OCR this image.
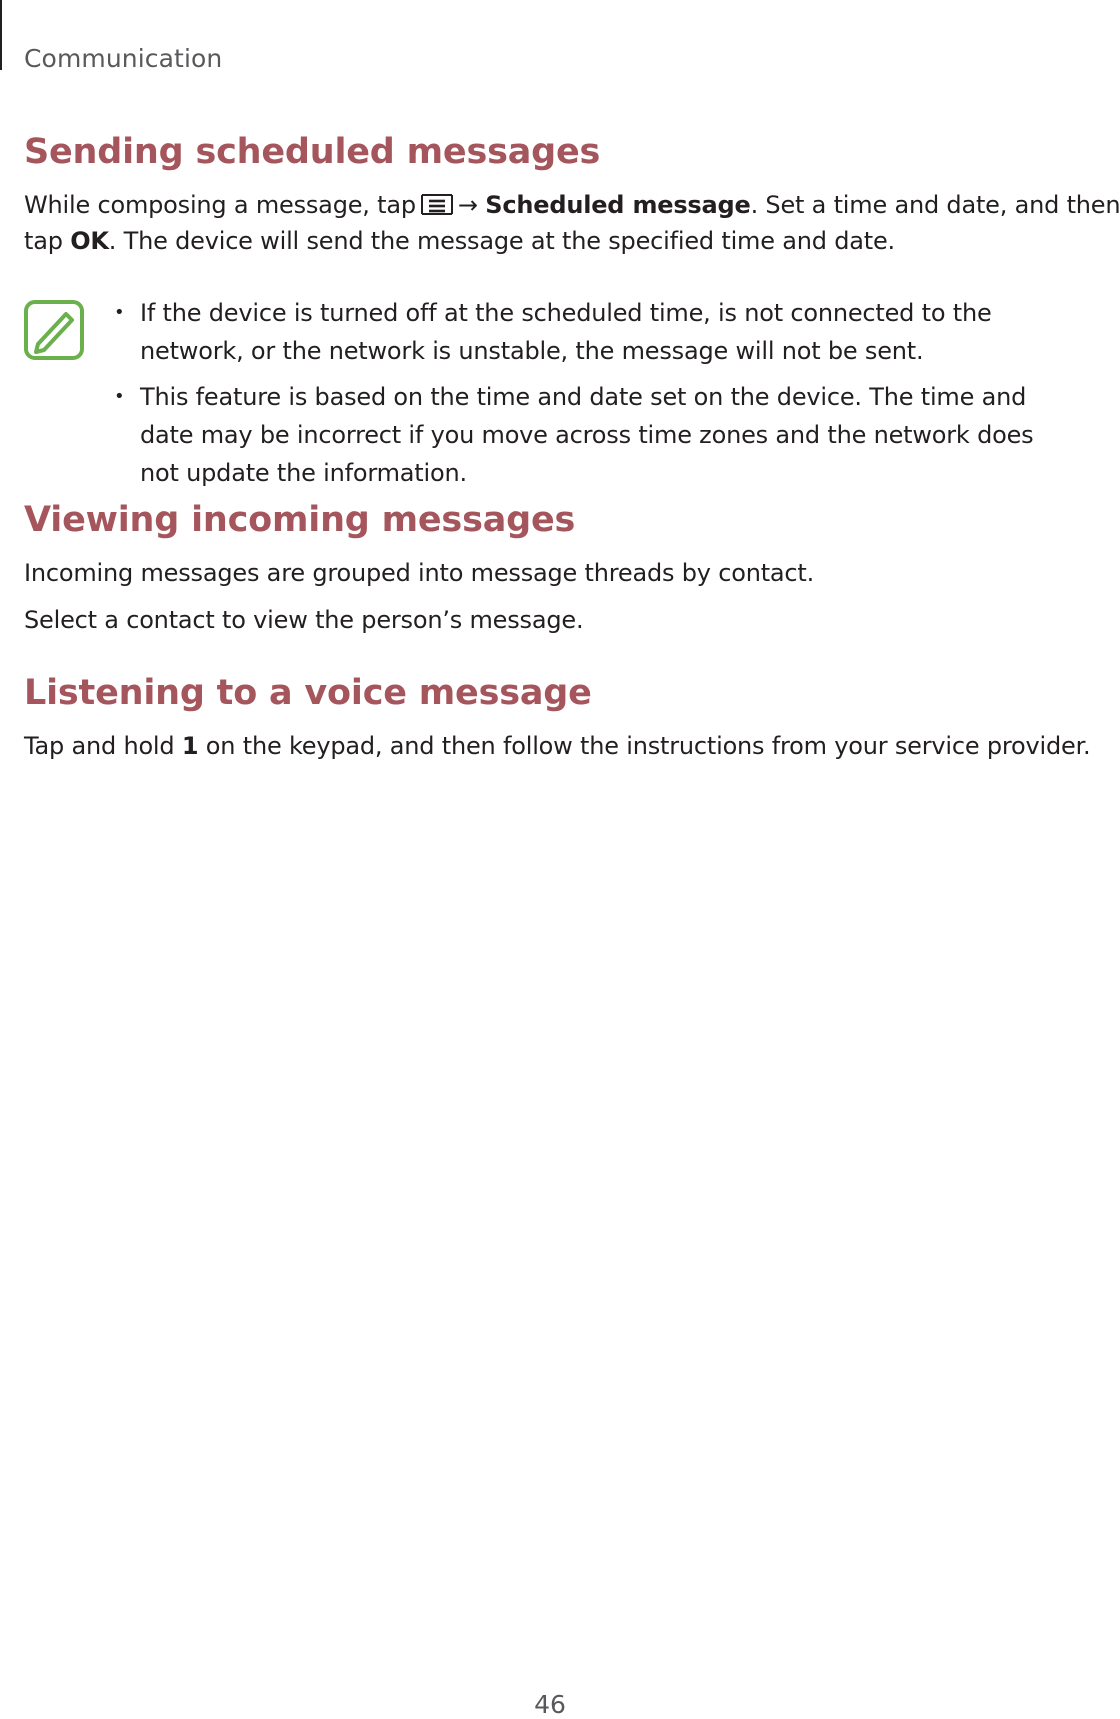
Communication
Sending scheduled messages

While composing a message, tap → Scheduled message. Set a time and date, and then

tap OK. The device will send the message at the specified time and date.

• If the device is turned off at the scheduled time, is not connected to the network, or the network is unstable, the message will not be sent.
• This feature is based on the time and date set on the device. The time and date may be incorrect if you move across time zones and the network does not update the information.
Viewing incoming messages

Incoming messages are grouped into message threads by contact.

Select a contact to view the person’s message.

Listening to a voice message

Tap and hold 1 on the keypad, and then follow the instructions from your service provider.

46
